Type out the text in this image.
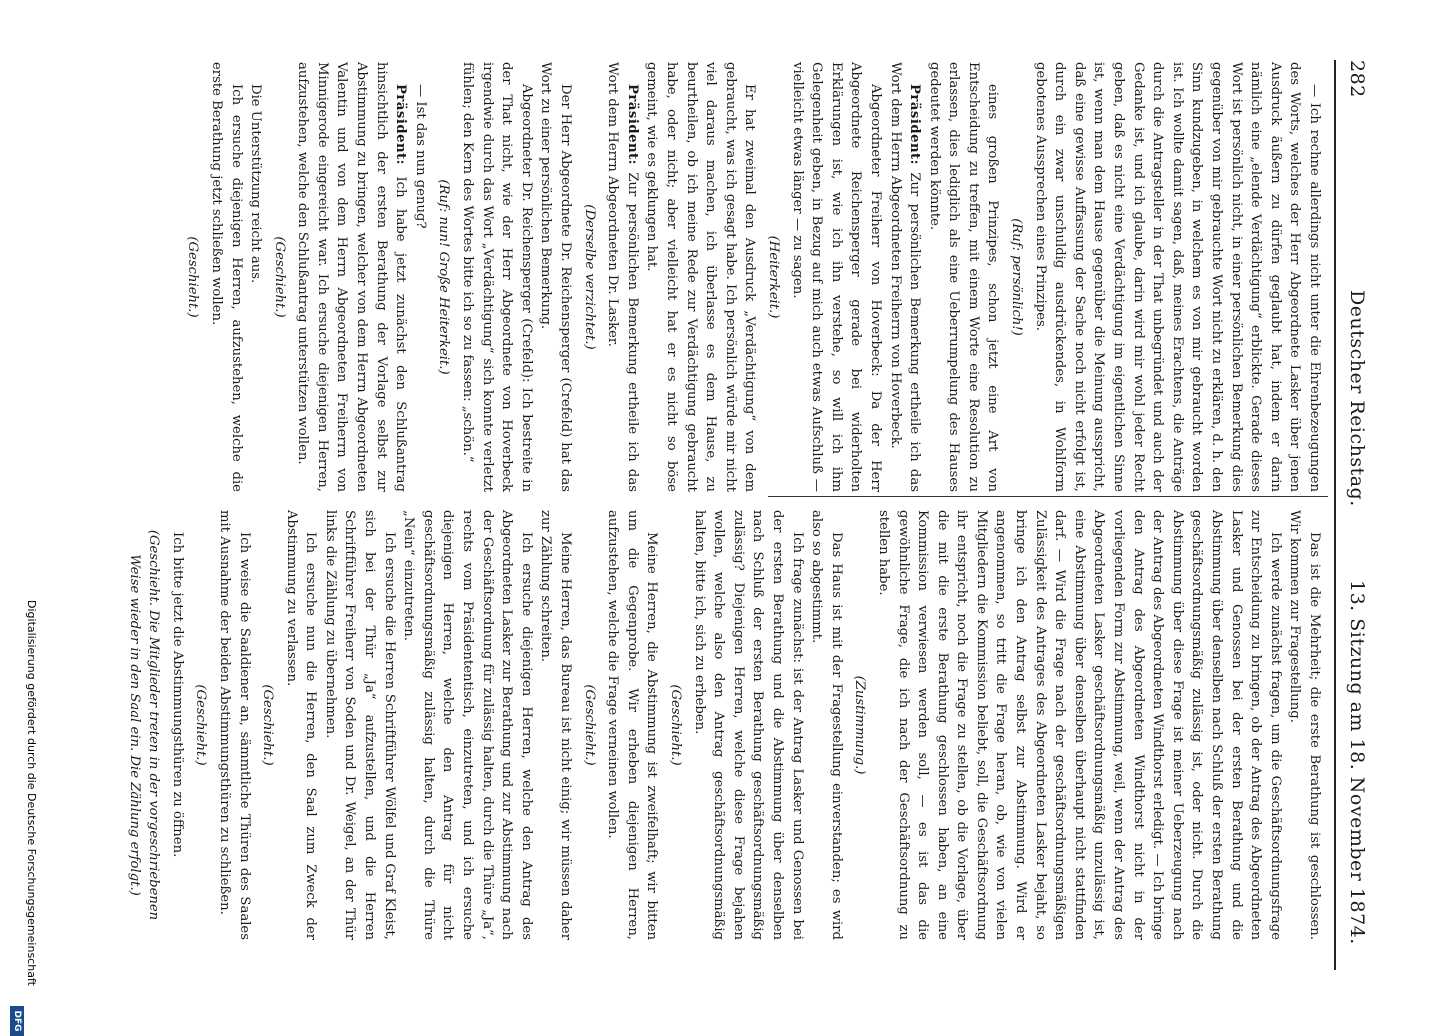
282
Deutscher Reichstag.
13. Sitzung am 18. November 1874.

— Ich rechne allerdings nicht unter die Ehrenbezeugungen des Worts, welches der Herr Abgeordnete Lasker über jenen Ausdruck äußern zu dürfen geglaubt hat, indem er darin nämlich eine „elende Verdächtigung“ erblickte. Gerade dieses Wort ist persönlich nicht, in einer persönlichen Bemerkung dies gegenüber von mir gebrauchte Wort nicht zu erklären, d. h. den Sinn kundzugeben, in welchem es von mir gebraucht worden ist. Ich wollte damit sagen, daß, meines Erachtens, die Anträge durch die Antragsteller in der That unbegründet und auch der Gedanke ist, und ich glaube, darin wird mir wohl jeder Recht geben, daß es nicht eine Verdächtigung im eigentlichen Sinne ist, wenn man dem Hause gegenüber die Meinung ausspricht, daß eine gewisse Auffassung der Sache noch nicht erfolgt ist, durch ein zwar unschuldig ausdrückendes, in Wohlform gebotenes Aussprechen eines Prinzipes.

(Ruf: persönlich!)

eines großen Prinzipes, schon jetzt eine Art von Entscheidung zu treffen, mit einem Worte eine Resolution zu erlassen, dies lediglich als eine Ueberrumpelung des Hauses gedeutet werden könnte.

Präsident: Zur persönlichen Bemerkung ertheile ich das Wort dem Herrn Abgeordneten Freiherrn von Hoverbeck.

Abgeordneter Freiherr von Hoverbeck: Da der Herr Abgeordnete Reichensperger gerade bei widerholten Erklärungen ist, wie ich ihn verstehe, so will ich ihm Gelegenheit geben, in Bezug auf mich auch etwas Aufschluß — vielleicht etwas länger — zu sagen.

(Heiterkeit.)

Er hat zweimal den Ausdruck „Verdächtigung“ von dem gebraucht, was ich gesagt habe. Ich persönlich würde mir nicht viel daraus machen, ich überlasse es dem Hause, zu beurtheilen, ob ich meine Rede zur Verdächtigung gebraucht habe, oder nicht; aber vielleicht hat er es nicht so böse gemeint, wie es geklungen hat.

Präsident: Zur persönlichen Bemerkung ertheile ich das Wort dem Herrn Abgeordneten Dr. Lasker.

(Derselbe verzichtet.)

Der Herr Abgeordnete Dr. Reichensperger (Crefeld) hat das Wort zu einer persönlichen Bemerkung.

Abgeordneter Dr. Reichensperger (Crefeld): Ich bestreite in der That nicht, wie der Herr Abgeordnete von Hoverbeck irgendwie durch das Wort „Verdächtigung“ sich konnte verletzt fühlen; den Kern des Wortes bitte ich so zu fassen: „schön.“

(Ruf: nun! Große Heiterkeit.)

— Ist das nun genug?

Präsident: Ich habe jetzt zunächst den Schlußantrag hinsichtlich der ersten Berathung der Vorlage selbst zur Abstimmung zu bringen, welcher von dem Herrn Abgeordneten Valentin und von dem Herrn Abgeordneten Freiherrn von Minnigerode eingereicht war. Ich ersuche diejenigen Herren, aufzustehen, welche den Schlußantrag unterstützen wollen.

(Geschieht.)

Die Unterstützung reicht aus.

Ich ersuche diejenigen Herren, aufzustehen, welche die erste Berathung jetzt schließen wollen.

(Geschieht.)

Das ist die Mehrheit; die erste Berathung ist geschlossen. Wir kommen zur Fragestellung.

Ich werde zunächst fragen, um die Geschäftsordnungsfrage zur Entscheidung zu bringen, ob der Antrag des Abgeordneten Lasker und Genossen bei der ersten Berathung und die Abstimmung über denselben nach Schluß der ersten Berathung geschäftsordnungsmäßig zulässig ist, oder nicht. Durch die Abstimmung über diese Frage ist meiner Ueberzeugung nach der Antrag des Abgeordneten Windthorst erledigt. — Ich bringe den Antrag des Abgeordneten Windthorst nicht in der vorliegenden Form zur Abstimmung, weil, wenn der Antrag des Abgeordneten Lasker geschäftsordnungsmäßig unzulässig ist, eine Abstimmung über denselben überhaupt nicht stattfinden darf. — Wird die Frage nach der geschäftsordnungsmäßigen Zulässigkeit des Antrages des Abgeordneten Lasker bejaht, so bringe ich den Antrag selbst zur Abstimmung. Wird er angenommen, so tritt die Frage heran, ob, wie von vielen Mitgliedern die Kommission beliebt, soll, die Geschäftsordnung ihr entspricht, noch die Frage zu stellen, ob die Vorlage, über die mit die erste Berathung geschlossen haben, an eine Kommission verwiesen werden soll, — es ist das die gewöhnliche Frage, die ich nach der Geschäftsordnung zu stellen habe.

(Zustimmung.)

Das Haus ist mit der Fragestellung einverstanden; es wird also so abgestimmt.

Ich frage zunächst: ist der Antrag Lasker und Genossen bei der ersten Berathung und die Abstimmung über denselben nach Schluß der ersten Berathung geschäftsordnungsmäßig zulässig? Diejenigen Herren, welche diese Frage bejahen wollen, welche also den Antrag geschäftsordnungsmäßig halten, bitte ich, sich zu erheben.

(Geschieht.)

Meine Herren, die Abstimmung ist zweifelhaft; wir bitten um die Gegenprobe. Wir erheben diejenigen Herren, aufzustehen, welche die Frage verneinen wollen.

(Geschieht.)

Meine Herren, das Bureau ist nicht einig; wir müssen daher zur Zählung schreiten.

Ich ersuche diejenigen Herren, welche den Antrag des Abgeordneten Lasker zur Berathung und zur Abstimmung nach der Geschäftsordnung für zulässig halten, durch die Thüre „Ja“, rechts vom Präsidententisch, einzutreten, und ich ersuche diejenigen Herren, welche den Antrag für nicht geschäftsordnungsmäßig zulässig halten, durch die Thüre „Nein“ einzutreten.

Ich ersuche die Herren Schriftführer Wölfel und Graf Kleist, sich bei der Thür „Ja“ aufzustellen, und die Herren Schriftführer Freiherr von Soden und Dr. Weigel, an der Thür links die Zählung zu übernehmen.

Ich ersuche nun die Herren, den Saal zum Zweck der Abstimmung zu verlassen.

(Geschieht.)

Ich weise die Saaldiener an, sämmtliche Thüren des Saales mit Ausnahme der beiden Abstimmungsthüren zu schließen.

(Geschieht.)

Ich bitte jetzt die Abstimmungsthüren zu öffnen.

(Geschieht. Die Mitglieder treten in der vorgeschriebenen Weise wieder in den Saal ein. Die Zählung erfolgt.)

Digitalisierung gefördert durch die Deutsche Forschungsgemeinschaft
DFG
